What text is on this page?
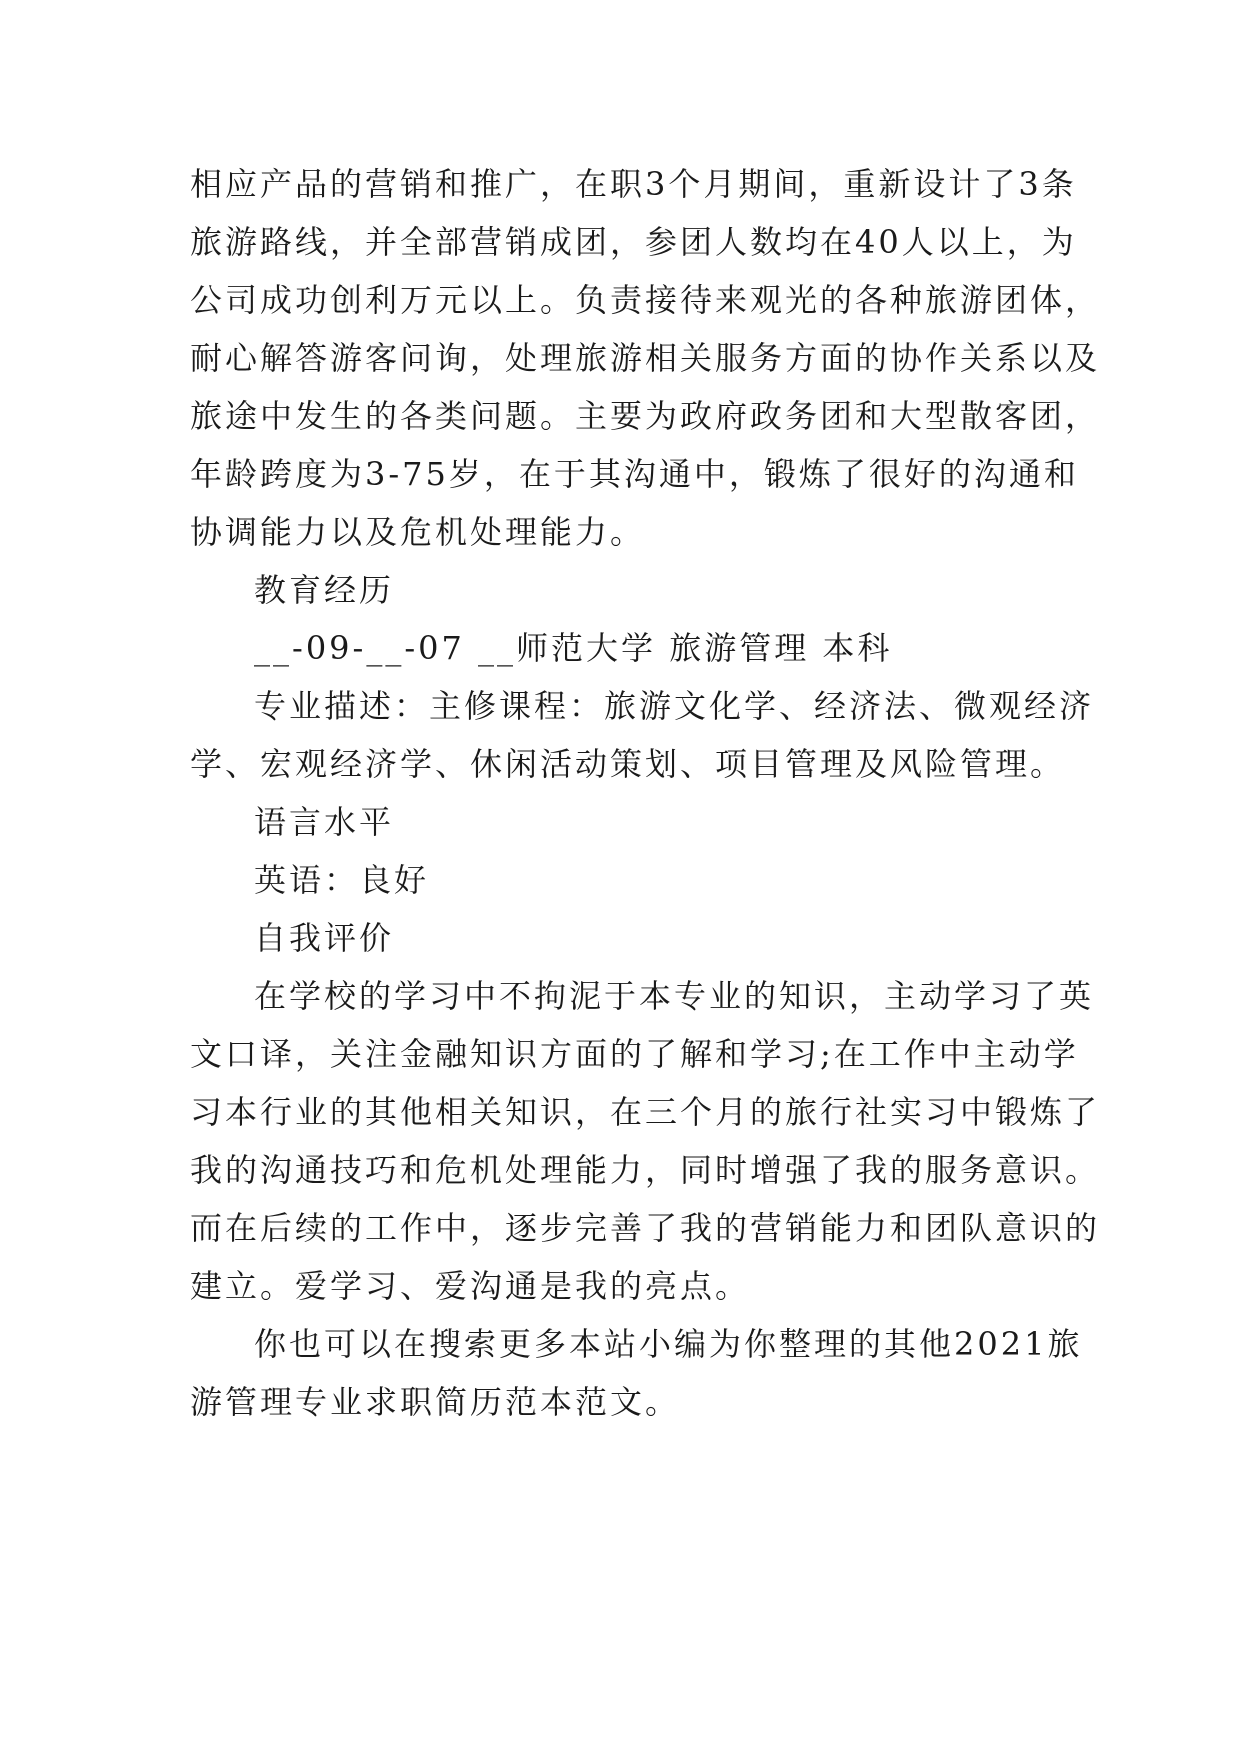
相应产品的营销和推广，在职3个月期间，重新设计了3条
旅游路线，并全部营销成团，参团人数均在40人以上，为
公司成功创利万元以上。负责接待来观光的各种旅游团体，
耐心解答游客问询，处理旅游相关服务方面的协作关系以及
旅途中发生的各类问题。主要为政府政务团和大型散客团，
年龄跨度为3-75岁，在于其沟通中，锻炼了很好的沟通和
协调能力以及危机处理能力。
教育经历
__-09-__-07 __师范大学 旅游管理 本科
专业描述：主修课程：旅游文化学、经济法、微观经济
学、宏观经济学、休闲活动策划、项目管理及风险管理。
语言水平
英语：良好
自我评价
在学校的学习中不拘泥于本专业的知识，主动学习了英
文口译，关注金融知识方面的了解和学习;在工作中主动学
习本行业的其他相关知识，在三个月的旅行社实习中锻炼了
我的沟通技巧和危机处理能力，同时增强了我的服务意识。
而在后续的工作中，逐步完善了我的营销能力和团队意识的
建立。爱学习、爱沟通是我的亮点。
你也可以在搜索更多本站小编为你整理的其他2021旅
游管理专业求职简历范本范文。
